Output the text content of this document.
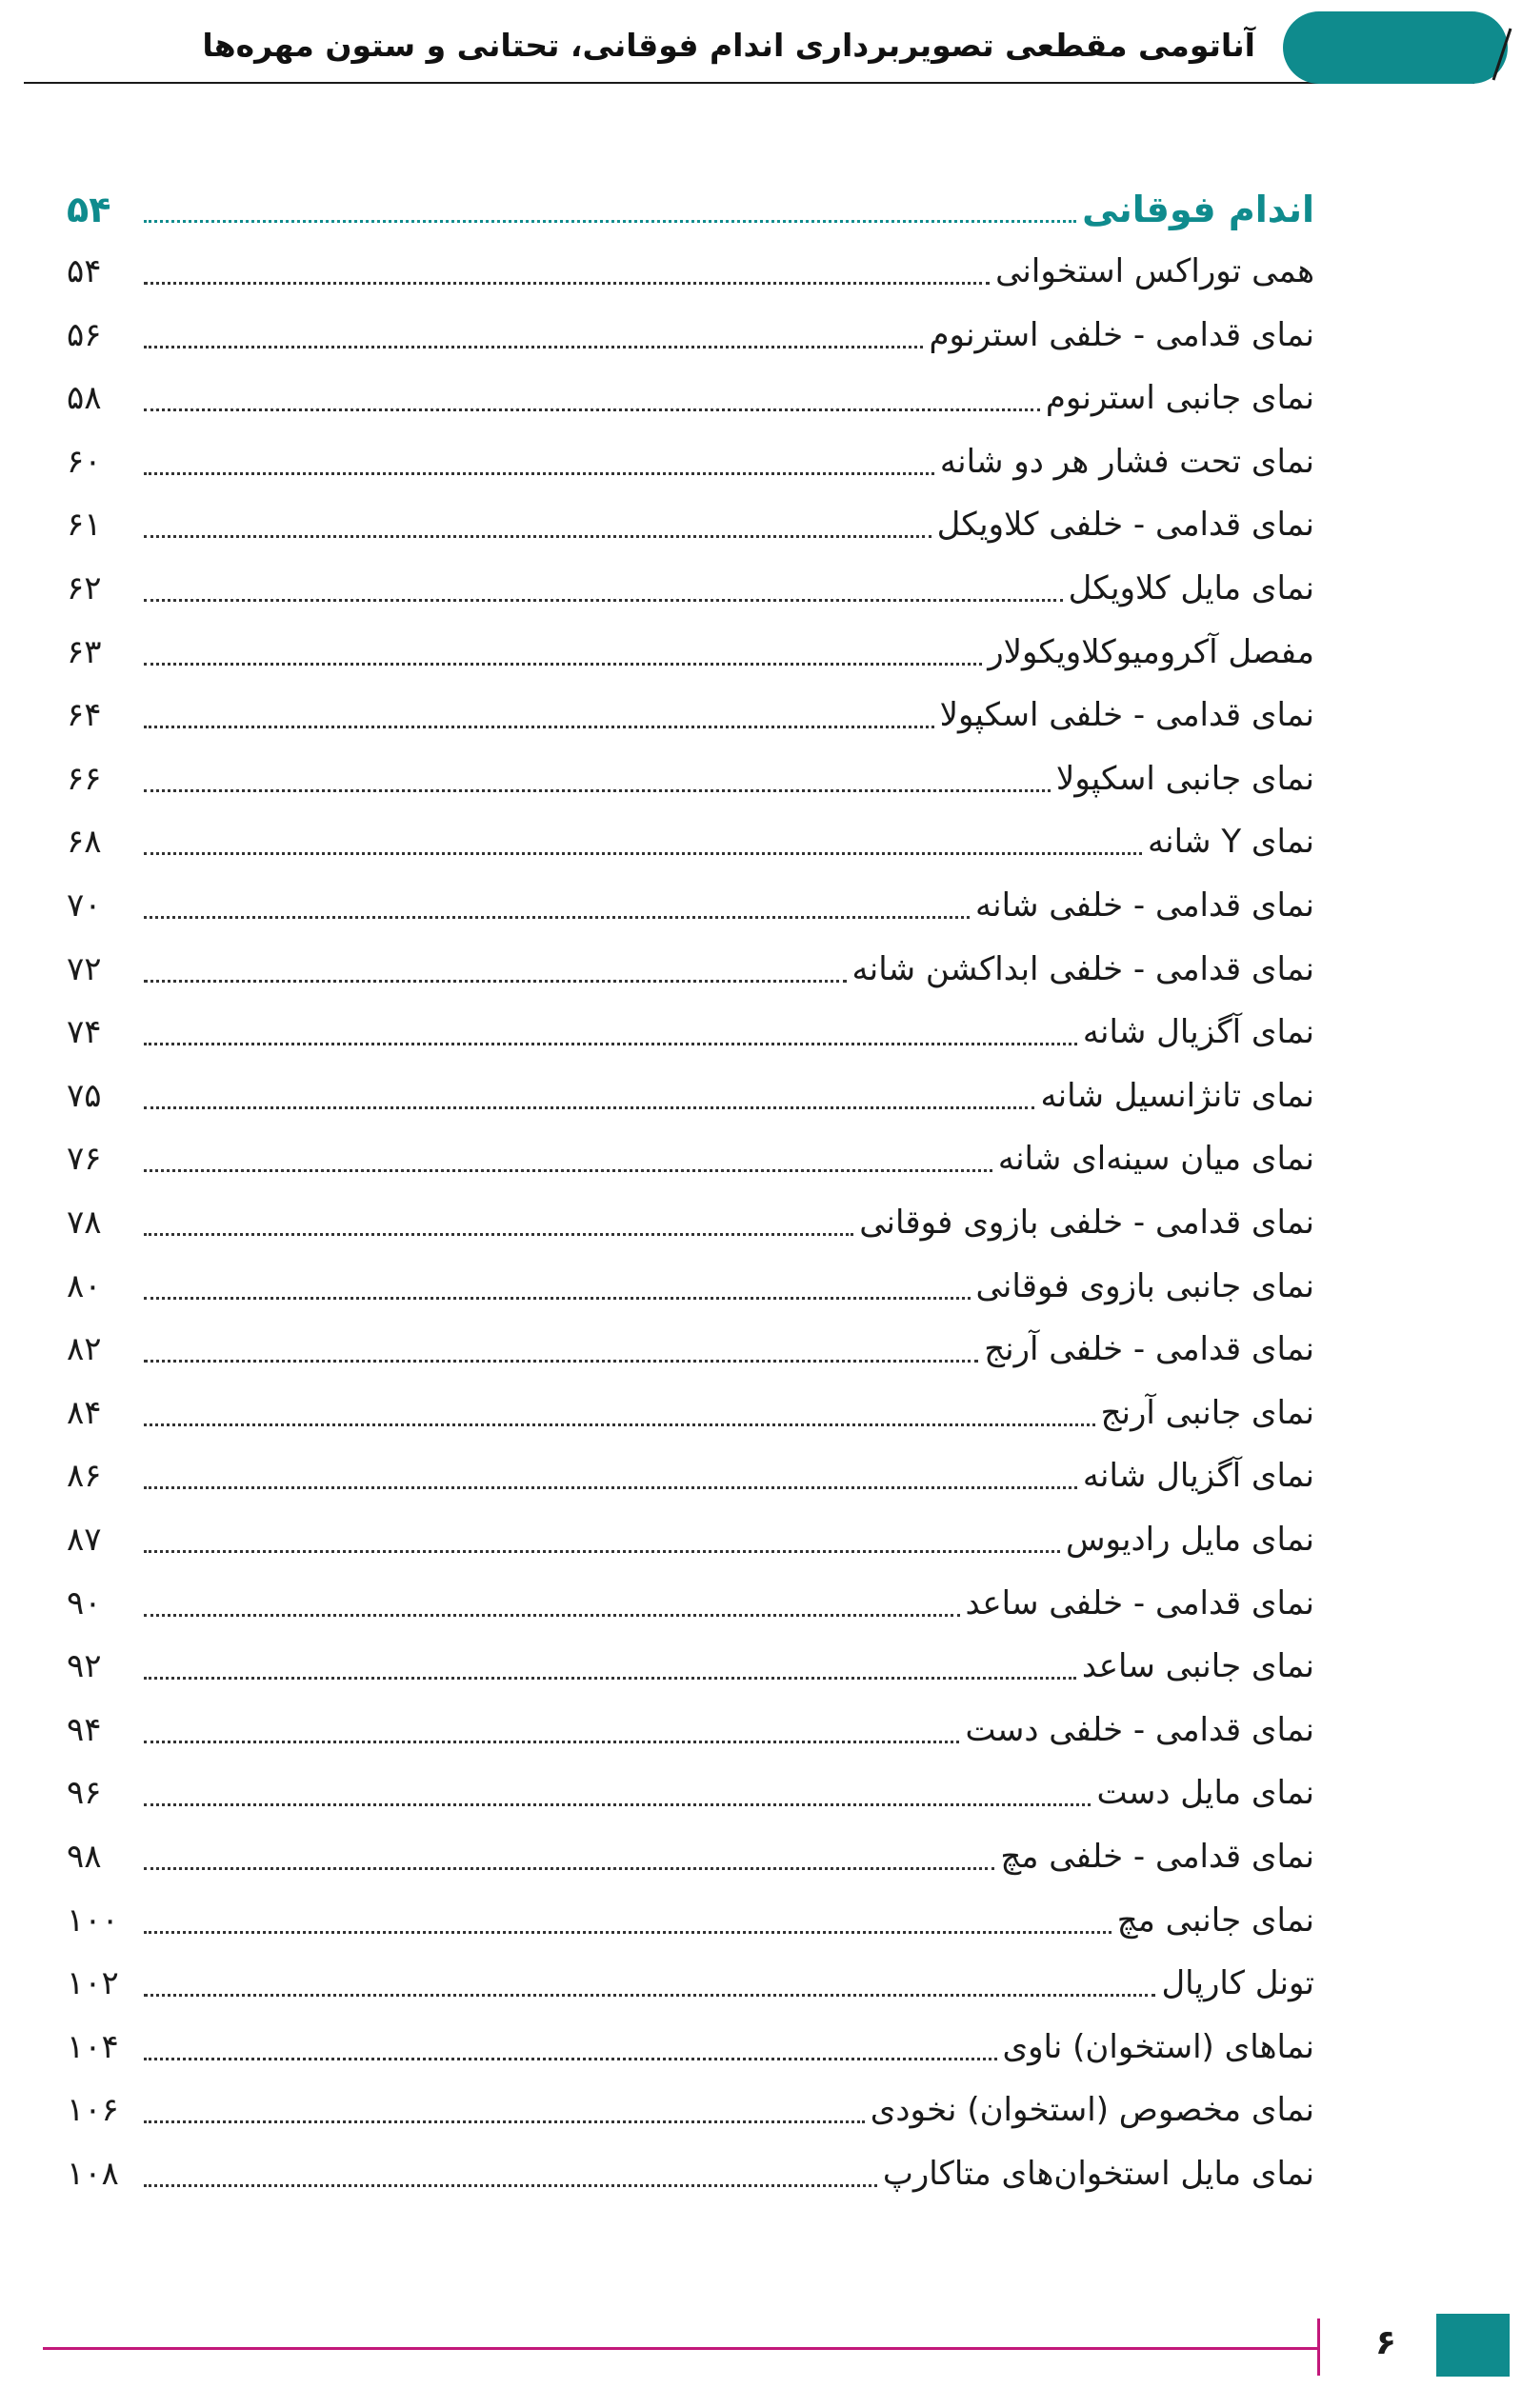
آناتومی مقطعی تصویربرداری اندام فوقانی، تحتانی و ستون مهره‌ها
اندام فوقانی
۵۴
همی توراکس استخوانی
۵۴
نمای قدامی - خلفی استرنوم
۵۶
نمای جانبی استرنوم
۵۸
نمای تحت فشار هر دو شانه
۶۰
نمای قدامی - خلفی کلاویکل
۶۱
نمای مایل کلاویکل
۶۲
مفصل آکرومیوکلاویکولار
۶۳
نمای قدامی - خلفی اسکپولا
۶۴
نمای جانبی اسکپولا
۶۶
نمای Y شانه
۶۸
نمای قدامی - خلفی شانه
۷۰
نمای قدامی - خلفی ابداکشن شانه
۷۲
نمای آگزیال شانه
۷۴
نمای تانژانسیل شانه
۷۵
نمای میان سینه‌ای شانه
۷۶
نمای قدامی - خلفی بازوی فوقانی
۷۸
نمای جانبی بازوی فوقانی
۸۰
نمای قدامی - خلفی آرنج
۸۲
نمای جانبی آرنج
۸۴
نمای آگزیال شانه
۸۶
نمای مایل رادیوس
۸۷
نمای قدامی - خلفی ساعد
۹۰
نمای جانبی ساعد
۹۲
نمای قدامی - خلفی دست
۹۴
نمای مایل دست
۹۶
نمای قدامی - خلفی مچ
۹۸
نمای جانبی مچ
۱۰۰
تونل کارپال
۱۰۲
نماهای (استخوان) ناوی
۱۰۴
نمای مخصوص (استخوان) نخودی
۱۰۶
نمای مایل استخوان‌های متاکارپ
۱۰۸
۶
